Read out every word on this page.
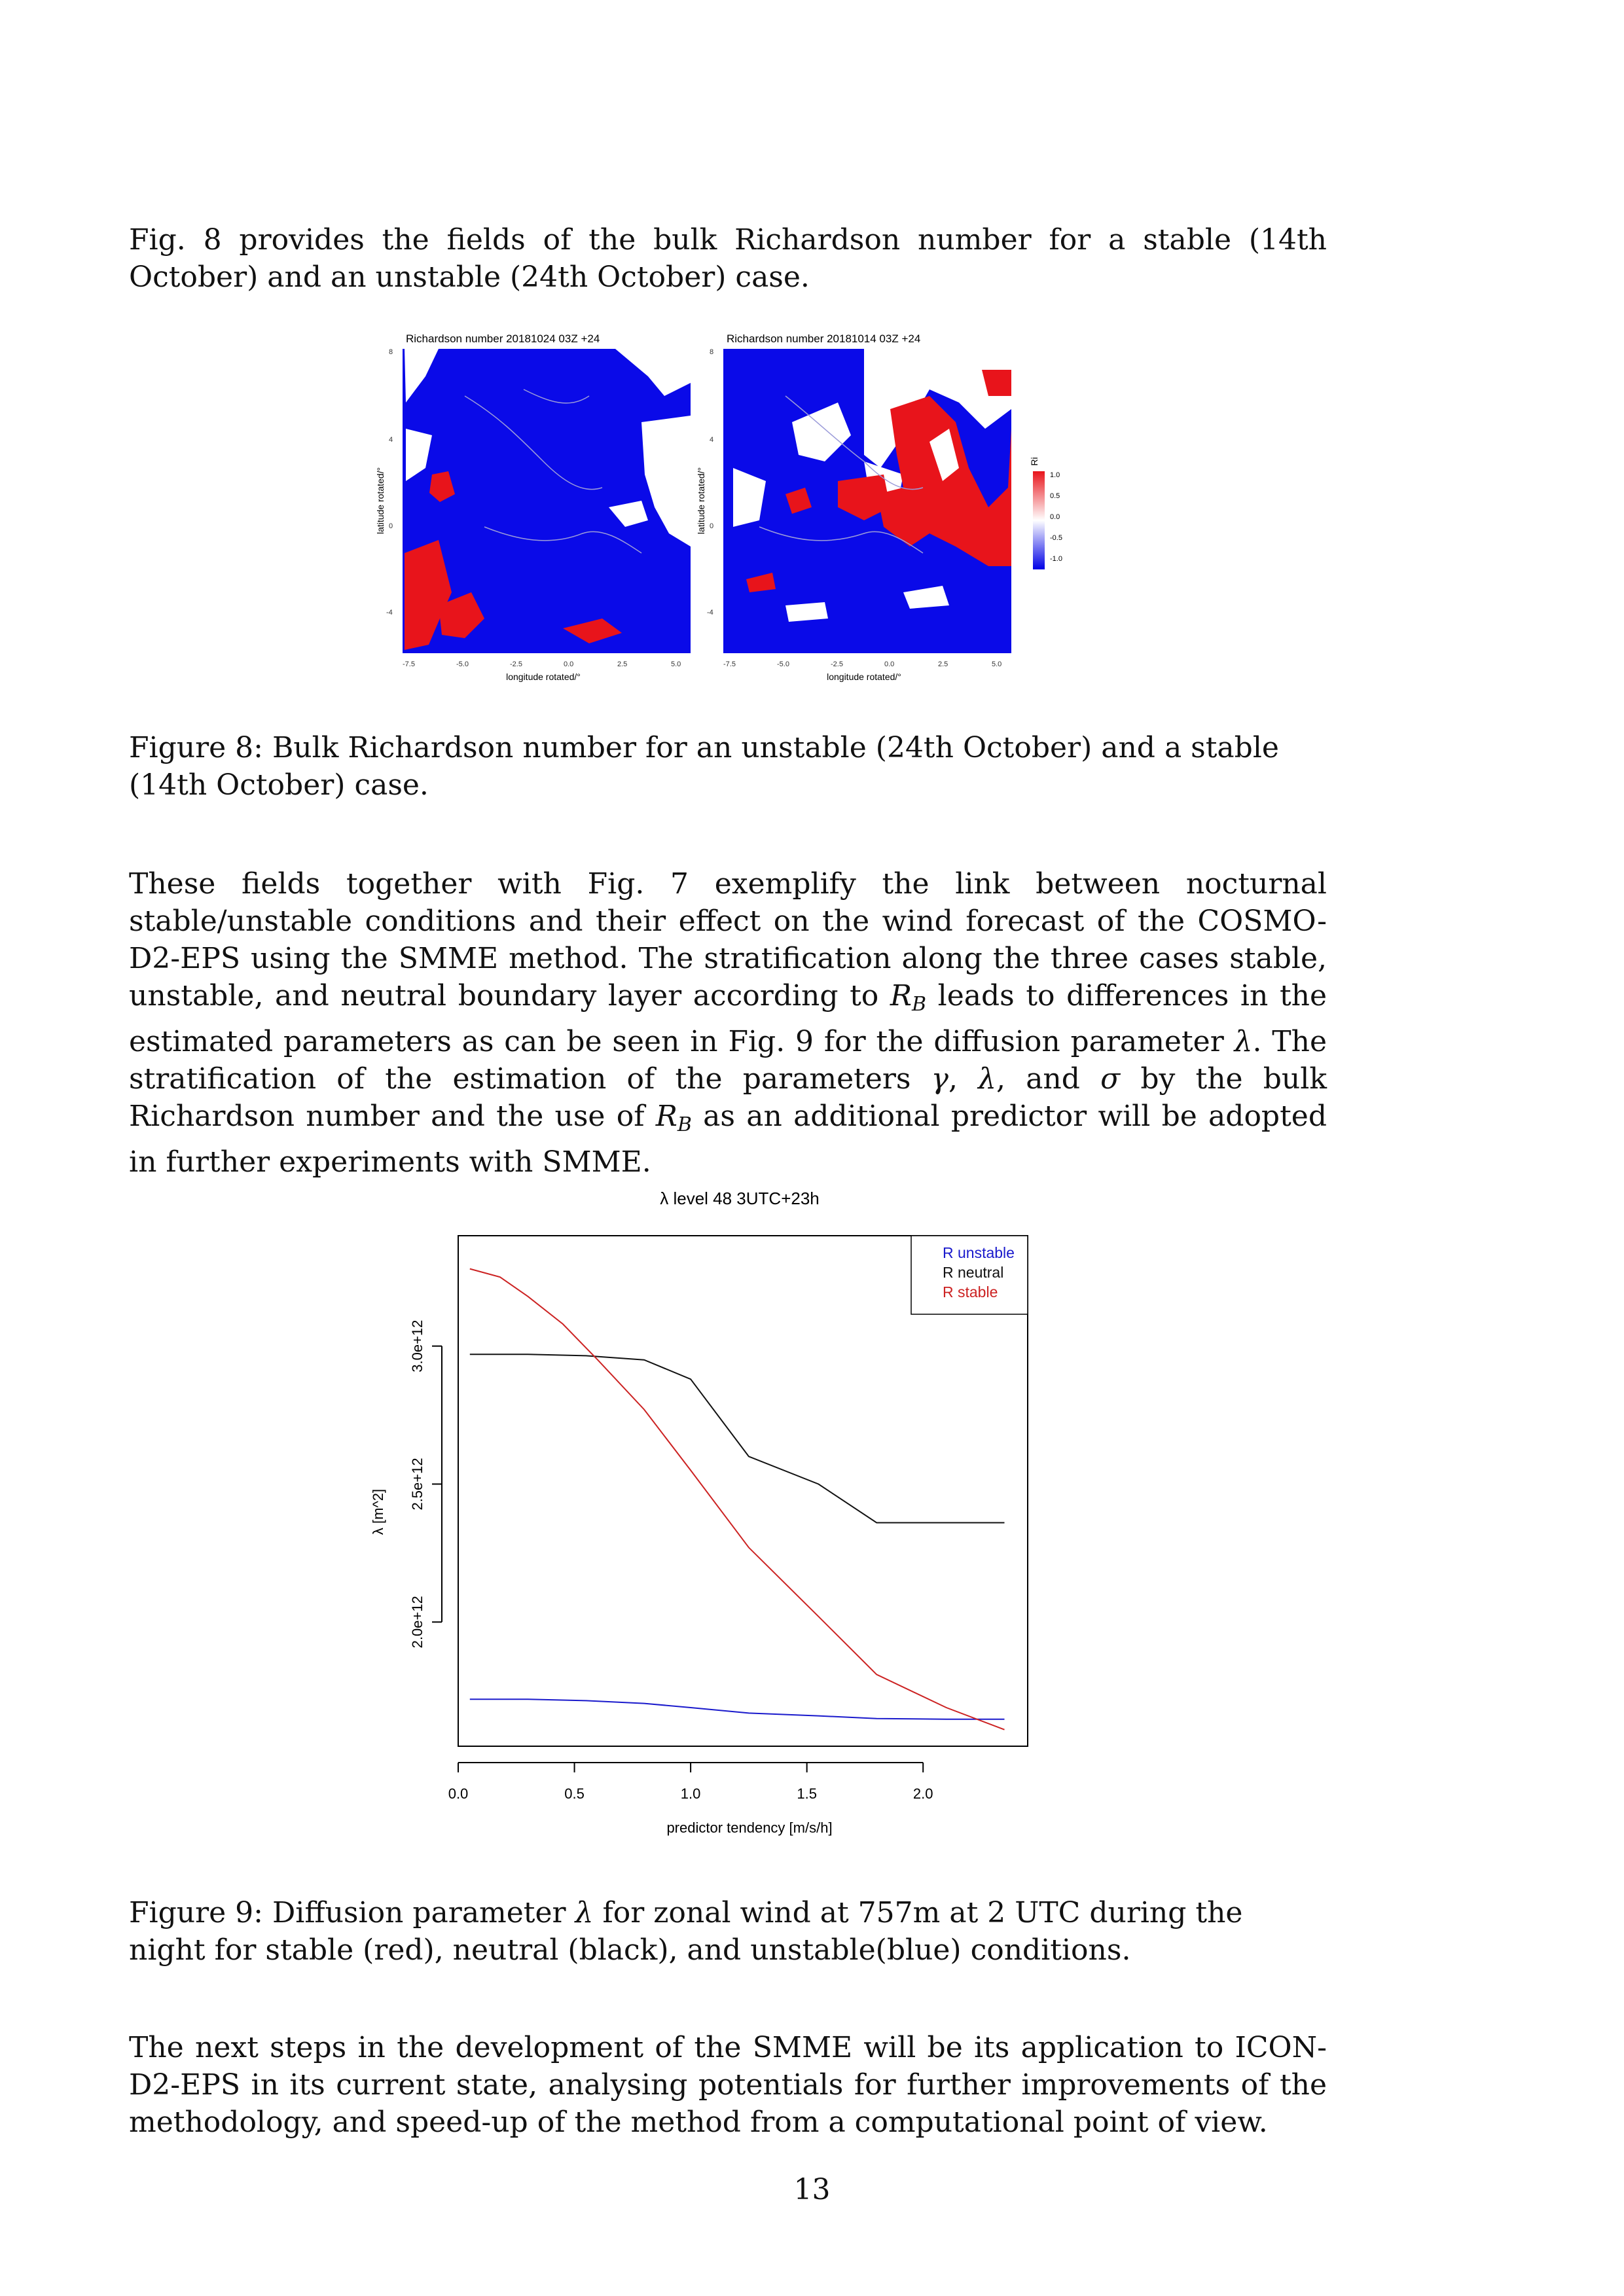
Fig. 8 provides the fields of the bulk Richardson number for a stable (14th October) and an unstable (24th October) case.

Richardson number 20181024 03Z +24
8
4
0
-4
-7.5	-5.0	-2.5	0.0	2.5	5.0
longitude rotated/°
latitude rotated/°
Richardson number 20181014 03Z +24
8
4
0
-4
-7.5	-5.0	-2.5	0.0	2.5	5.0
longitude rotated/°
latitude rotated/°
Ri
1.0
0.5
0.0
-0.5
-1.0

Figure 8: Bulk Richardson number for an unstable (24th October) and a stable (14th October) case.

These fields together with Fig. 7 exemplify the link between nocturnal stable/unstable conditions and their effect on the wind forecast of the COSMO-D2-EPS using the SMME method. The stratification along the three cases stable, unstable, and neutral boundary layer according to $R_B$ leads to differences in the estimated parameters as can be seen in Fig. 9 for the diffusion parameter λ. The stratification of the estimation of the parameters γ, λ, and σ by the bulk Richardson number and the use of $R_B$ as an additional predictor will be adopted in further experiments with SMME.

λ level 48 3UTC+23h
0.0	0.5	1.0	1.5	2.0
2.0e+12
2.5e+12
3.0e+12
R unstable
R neutral
R stable
predictor tendency [m/s/h]
λ [m^2]

Figure 9: Diffusion parameter λ for zonal wind at 757m at 2 UTC during the night for stable (red), neutral (black), and unstable(blue) conditions.

The next steps in the development of the SMME will be its application to ICON-D2-EPS in its current state, analysing potentials for further improvements of the methodology, and speed-up of the method from a computational point of view.

13
